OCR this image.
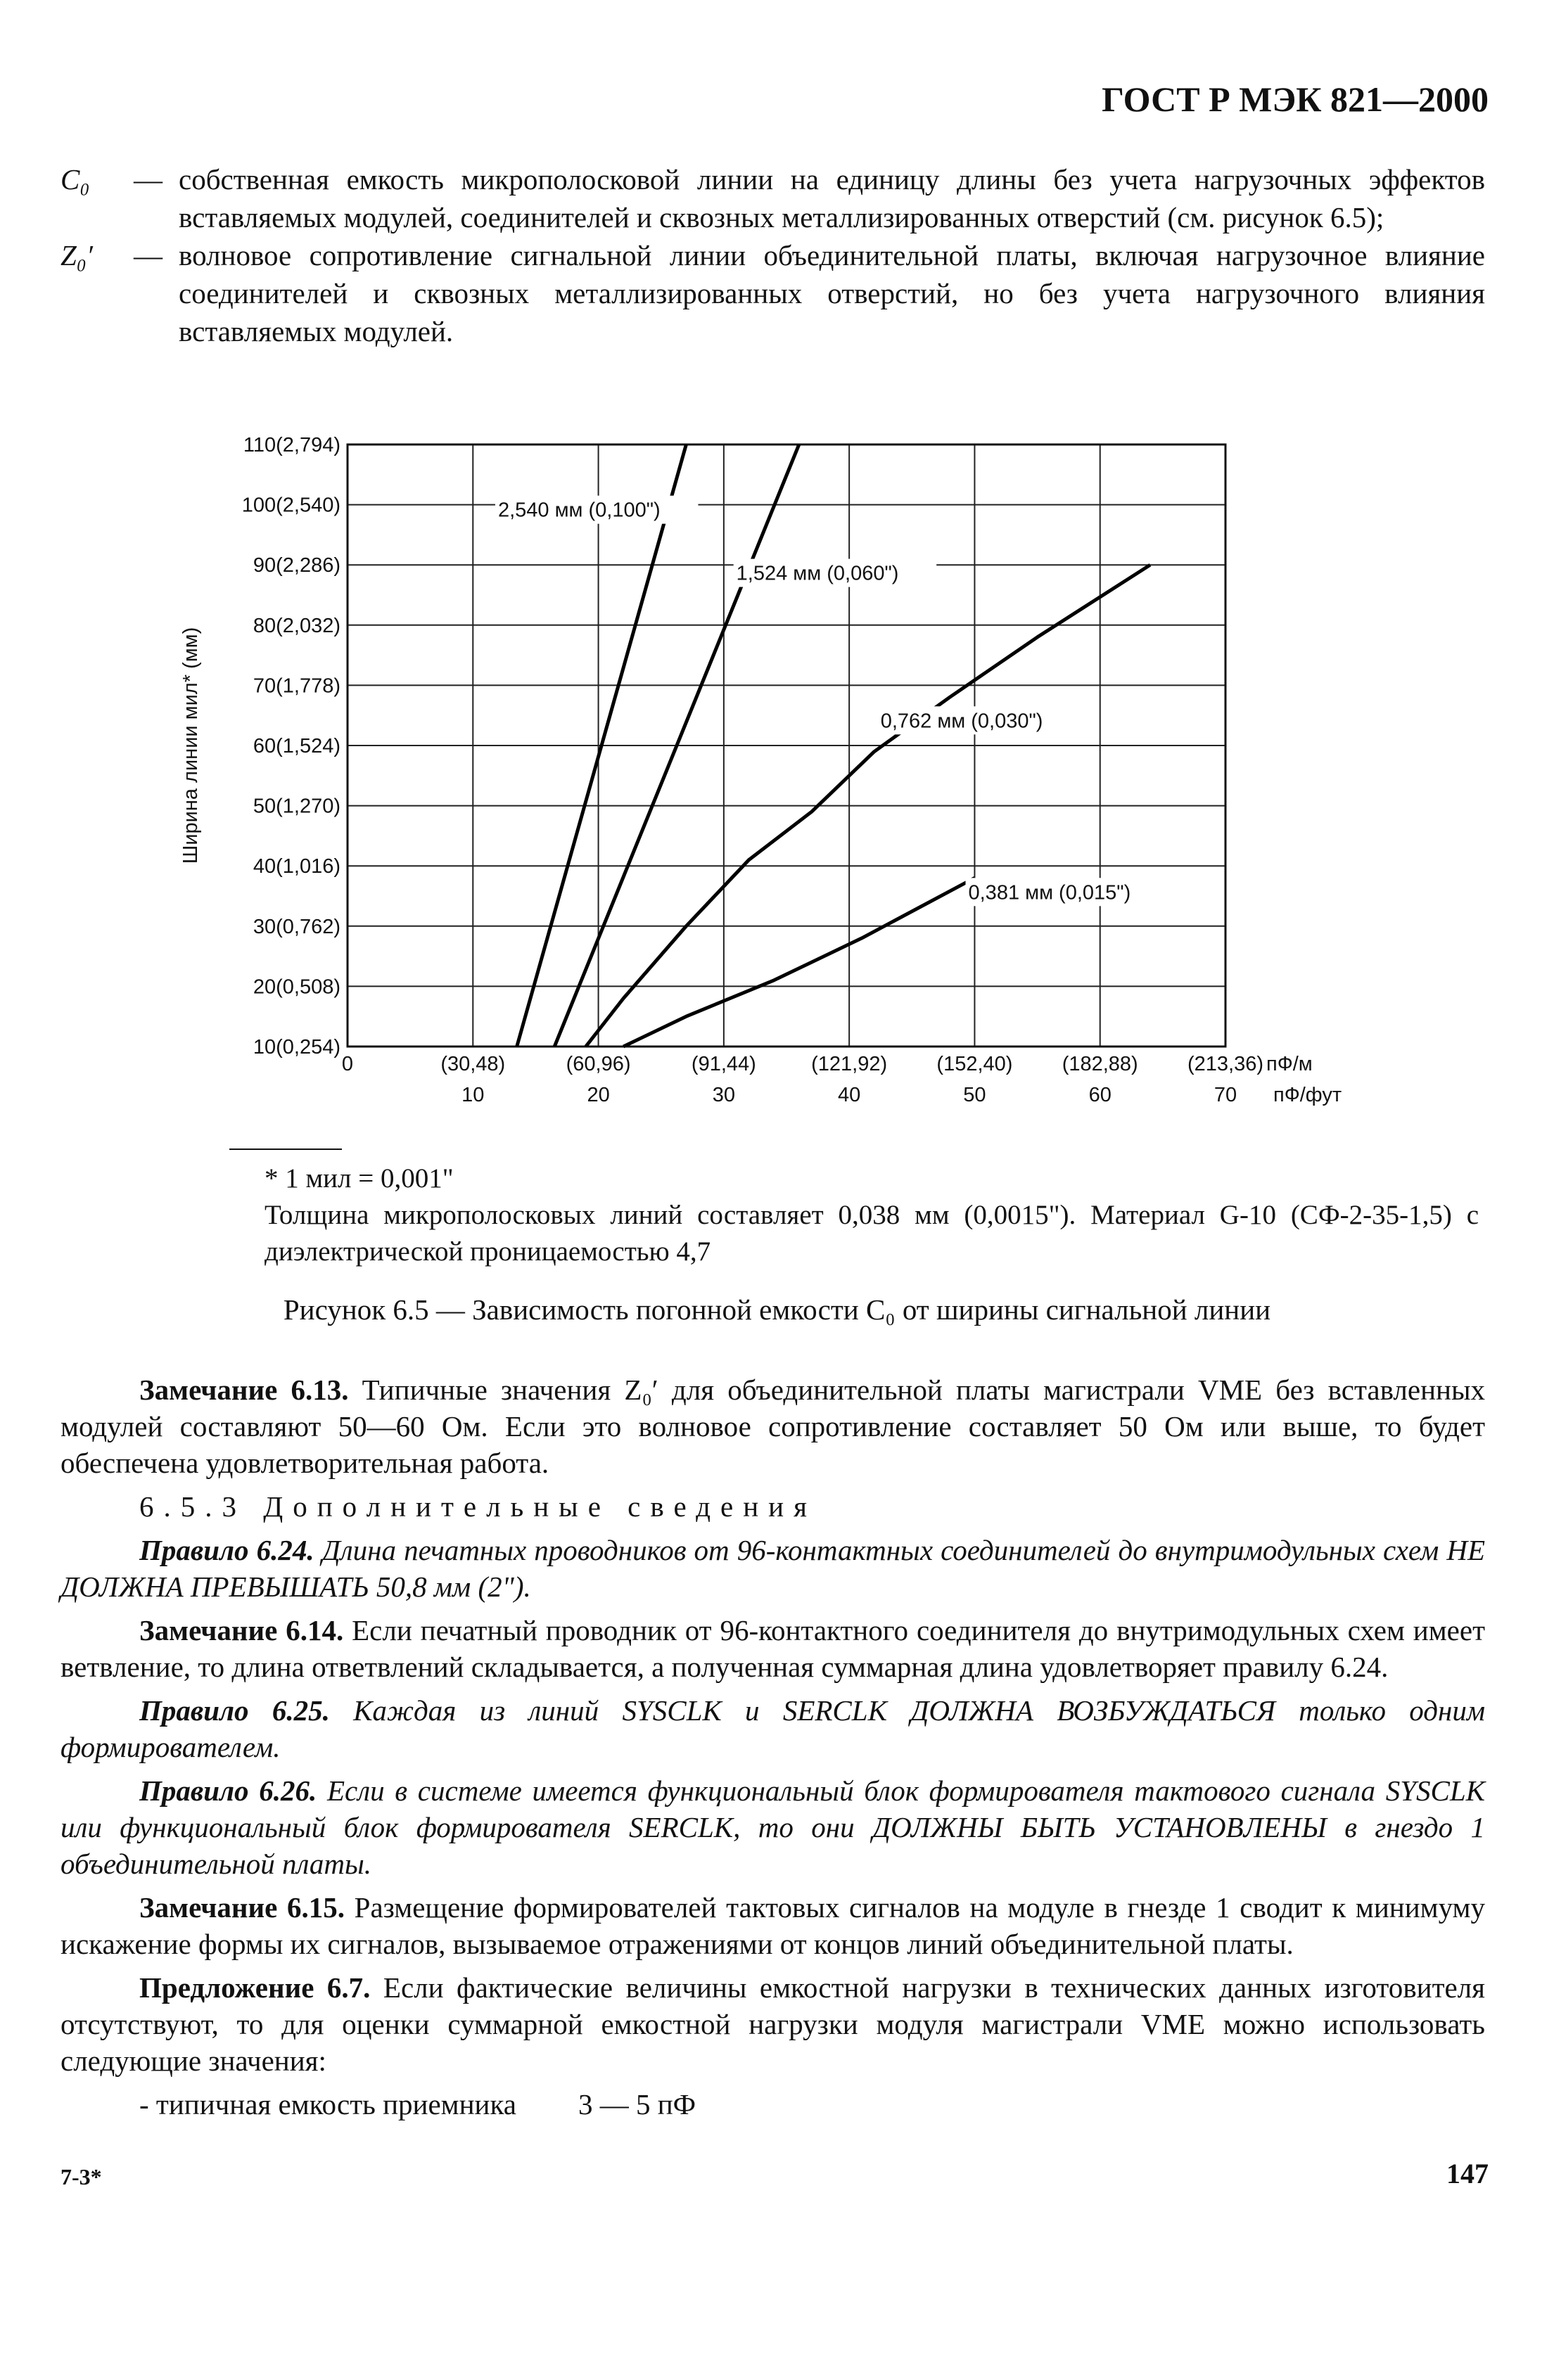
ГОСТ Р МЭК 821—2000
C₀	— собственная емкость микрополосковой линии на единицу длины без учета нагрузочных эффектов вставляемых модулей, соединителей и сквозных металлизированных отверстий (см. рисунок 6.5);
Z₀′	— волновое сопротивление сигнальной линии объединительной платы, включая нагрузочное влияние соединителей и сквозных металлизированных отверстий, но без учета нагрузочного влияния вставляемых модулей.
10(0,254)
20(0,508)
30(0,762)
40(1,016)
50(1,270)
60(1,524)
70(1,778)
80(2,032)
90(2,286)
100(2,540)
110(2,794)
0	(30,48)
10
(60,96)
20
(91,44)
30
(121,92)
40
(152,40)
50
(182,88)
60
(213,36)
70
пФ/м
пФ/фут
Ширина линии мил* (мм)
2,540 мм (0,100")
1,524 мм (0,060")
0,762 мм (0,030")
0,381 мм (0,015")
* 1 мил = 0,001"
Толщина микрополосковых линий составляет 0,038 мм (0,0015"). Материал G-10 (СФ-2-35-1,5) с диэлектрической проницаемостью 4,7
Рисунок 6.5 — Зависимость погонной емкости C₀ от ширины сигнальной линии

Замечание 6.13. Типичные значения Z₀′ для объединительной платы магистрали VME без вставленных модулей составляют 50—60 Ом. Если это волновое сопротивление составляет 50 Ом или выше, то будет обеспечена удовлетворительная работа.

6.5.3 Дополнительные сведения

Правило 6.24. Длина печатных проводников от 96-контактных соединителей до внутримодульных схем НЕ ДОЛЖНА ПРЕВЫШАТЬ 50,8 мм (2").

Замечание 6.14. Если печатный проводник от 96-контактного соединителя до внутримодульных схем имеет ветвление, то длина ответвлений складывается, а полученная суммарная длина удовлетворяет правилу 6.24.

Правило 6.25. Каждая из линий SYSCLK и SERCLK ДОЛЖНА ВОЗБУЖДАТЬСЯ только одним формирователем.

Правило 6.26. Если в системе имеется функциональный блок формирователя тактового сигнала SYSCLK или функциональный блок формирователя SERCLK, то они ДОЛЖНЫ БЫТЬ УСТАНОВЛЕНЫ в гнездо 1 объединительной платы.

Замечание 6.15. Размещение формирователей тактовых сигналов на модуле в гнезде 1 сводит к минимуму искажение формы их сигналов, вызываемое отражениями от концов линий объединительной платы.

Предложение 6.7. Если фактические величины емкостной нагрузки в технических данных изготовителя отсутствуют, то для оценки суммарной емкостной нагрузки модуля магистрали VME можно использовать следующие значения:

- типичная емкость приемника 3 — 5 пФ
7-3*	147
